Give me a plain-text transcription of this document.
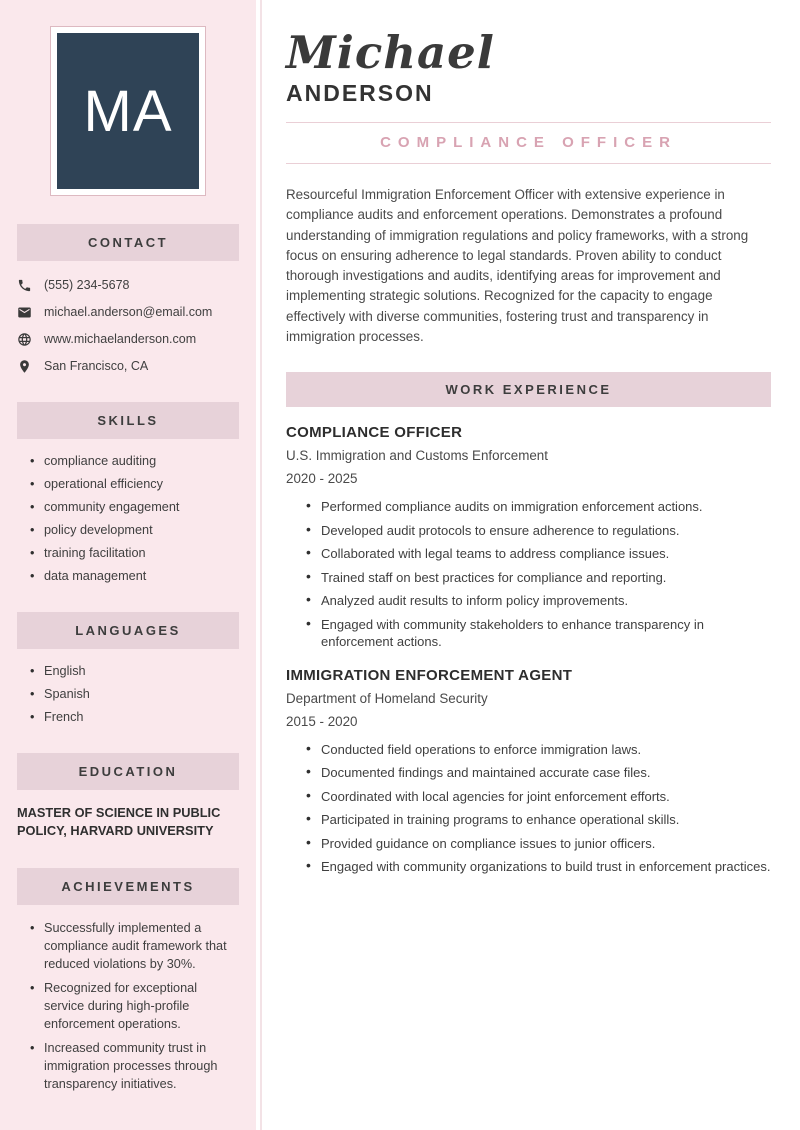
MA
CONTACT
(555) 234-5678
michael.anderson@email.com
www.michaelanderson.com
San Francisco, CA
SKILLS
• compliance auditing
• operational efficiency
• community engagement
• policy development
• training facilitation
• data management
LANGUAGES
• English
• Spanish
• French
EDUCATION
MASTER OF SCIENCE IN PUBLIC POLICY, HARVARD UNIVERSITY
ACHIEVEMENTS
• Successfully implemented a compliance audit framework that reduced violations by 30%.
• Recognized for exceptional service during high-profile enforcement operations.
• Increased community trust in immigration processes through transparency initiatives.
Michael
ANDERSON
COMPLIANCE OFFICER

Resourceful Immigration Enforcement Officer with extensive experience in compliance audits and enforcement operations. Demonstrates a profound understanding of immigration regulations and policy frameworks, with a strong focus on ensuring adherence to legal standards. Proven ability to conduct thorough investigations and audits, identifying areas for improvement and implementing strategic solutions. Recognized for the capacity to engage effectively with diverse communities, fostering trust and transparency in immigration processes.

WORK EXPERIENCE
COMPLIANCE OFFICER
U.S. Immigration and Customs Enforcement
2020 - 2025
• Performed compliance audits on immigration enforcement actions.
• Developed audit protocols to ensure adherence to regulations.
• Collaborated with legal teams to address compliance issues.
• Trained staff on best practices for compliance and reporting.
• Analyzed audit results to inform policy improvements.
• Engaged with community stakeholders to enhance transparency in enforcement actions.
IMMIGRATION ENFORCEMENT AGENT
Department of Homeland Security
2015 - 2020
• Conducted field operations to enforce immigration laws.
• Documented findings and maintained accurate case files.
• Coordinated with local agencies for joint enforcement efforts.
• Participated in training programs to enhance operational skills.
• Provided guidance on compliance issues to junior officers.
• Engaged with community organizations to build trust in enforcement practices.
